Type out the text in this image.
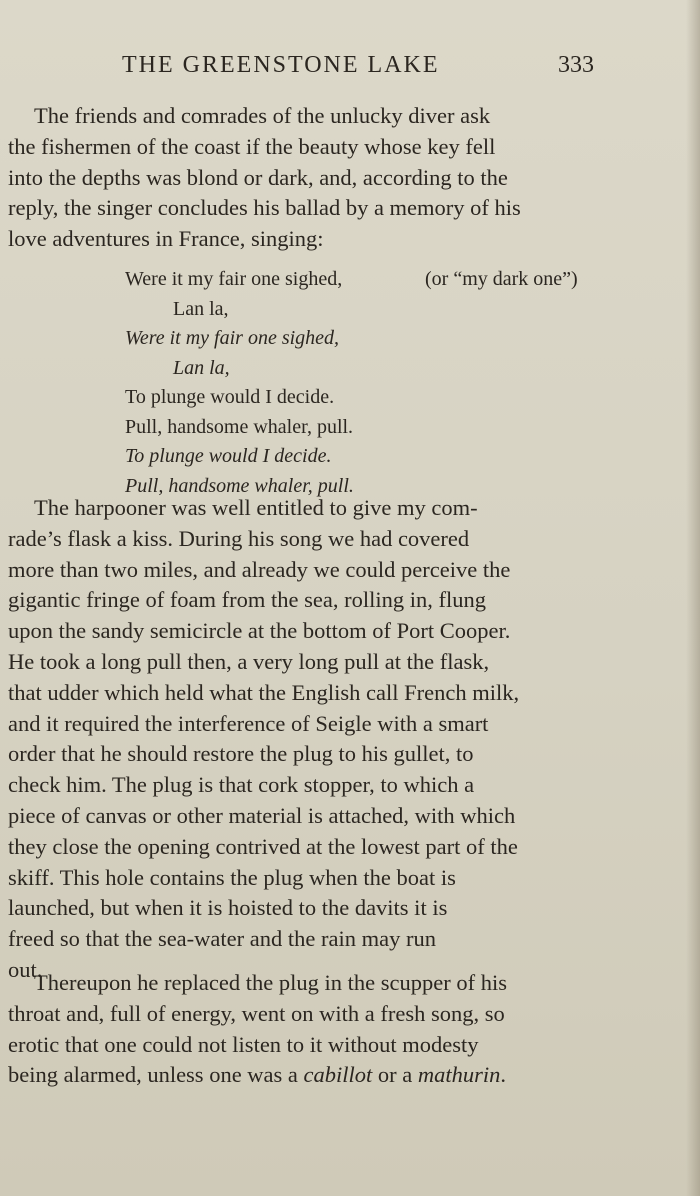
THE GREENSTONE LAKE	333
The friends and comrades of the unlucky diver ask
the fishermen of the coast if the beauty whose key fell
into the depths was blond or dark, and, according to the
reply, the singer concludes his ballad by a memory of his
love adventures in France, singing:
Were it my fair one sighed,
Lan la,
Were it my fair one sighed,
Lan la,
To plunge would I decide.
Pull, handsome whaler, pull.
To plunge would I decide.
Pull, handsome whaler, pull.
(or “my dark one”)
The harpooner was well entitled to give my com-
rade’s flask a kiss. During his song we had covered
more than two miles, and already we could perceive the
gigantic fringe of foam from the sea, rolling in, flung
upon the sandy semicircle at the bottom of Port Cooper.
He took a long pull then, a very long pull at the flask,
that udder which held what the English call French milk,
and it required the interference of Seigle with a smart
order that he should restore the plug to his gullet, to
check him. The plug is that cork stopper, to which a
piece of canvas or other material is attached, with which
they close the opening contrived at the lowest part of the
skiff. This hole contains the plug when the boat is
launched, but when it is hoisted to the davits it is
freed so that the sea-water and the rain may run
out.
Thereupon he replaced the plug in the scupper of his
throat and, full of energy, went on with a fresh song, so
erotic that one could not listen to it without modesty
being alarmed, unless one was a cabillot or a mathurin.
